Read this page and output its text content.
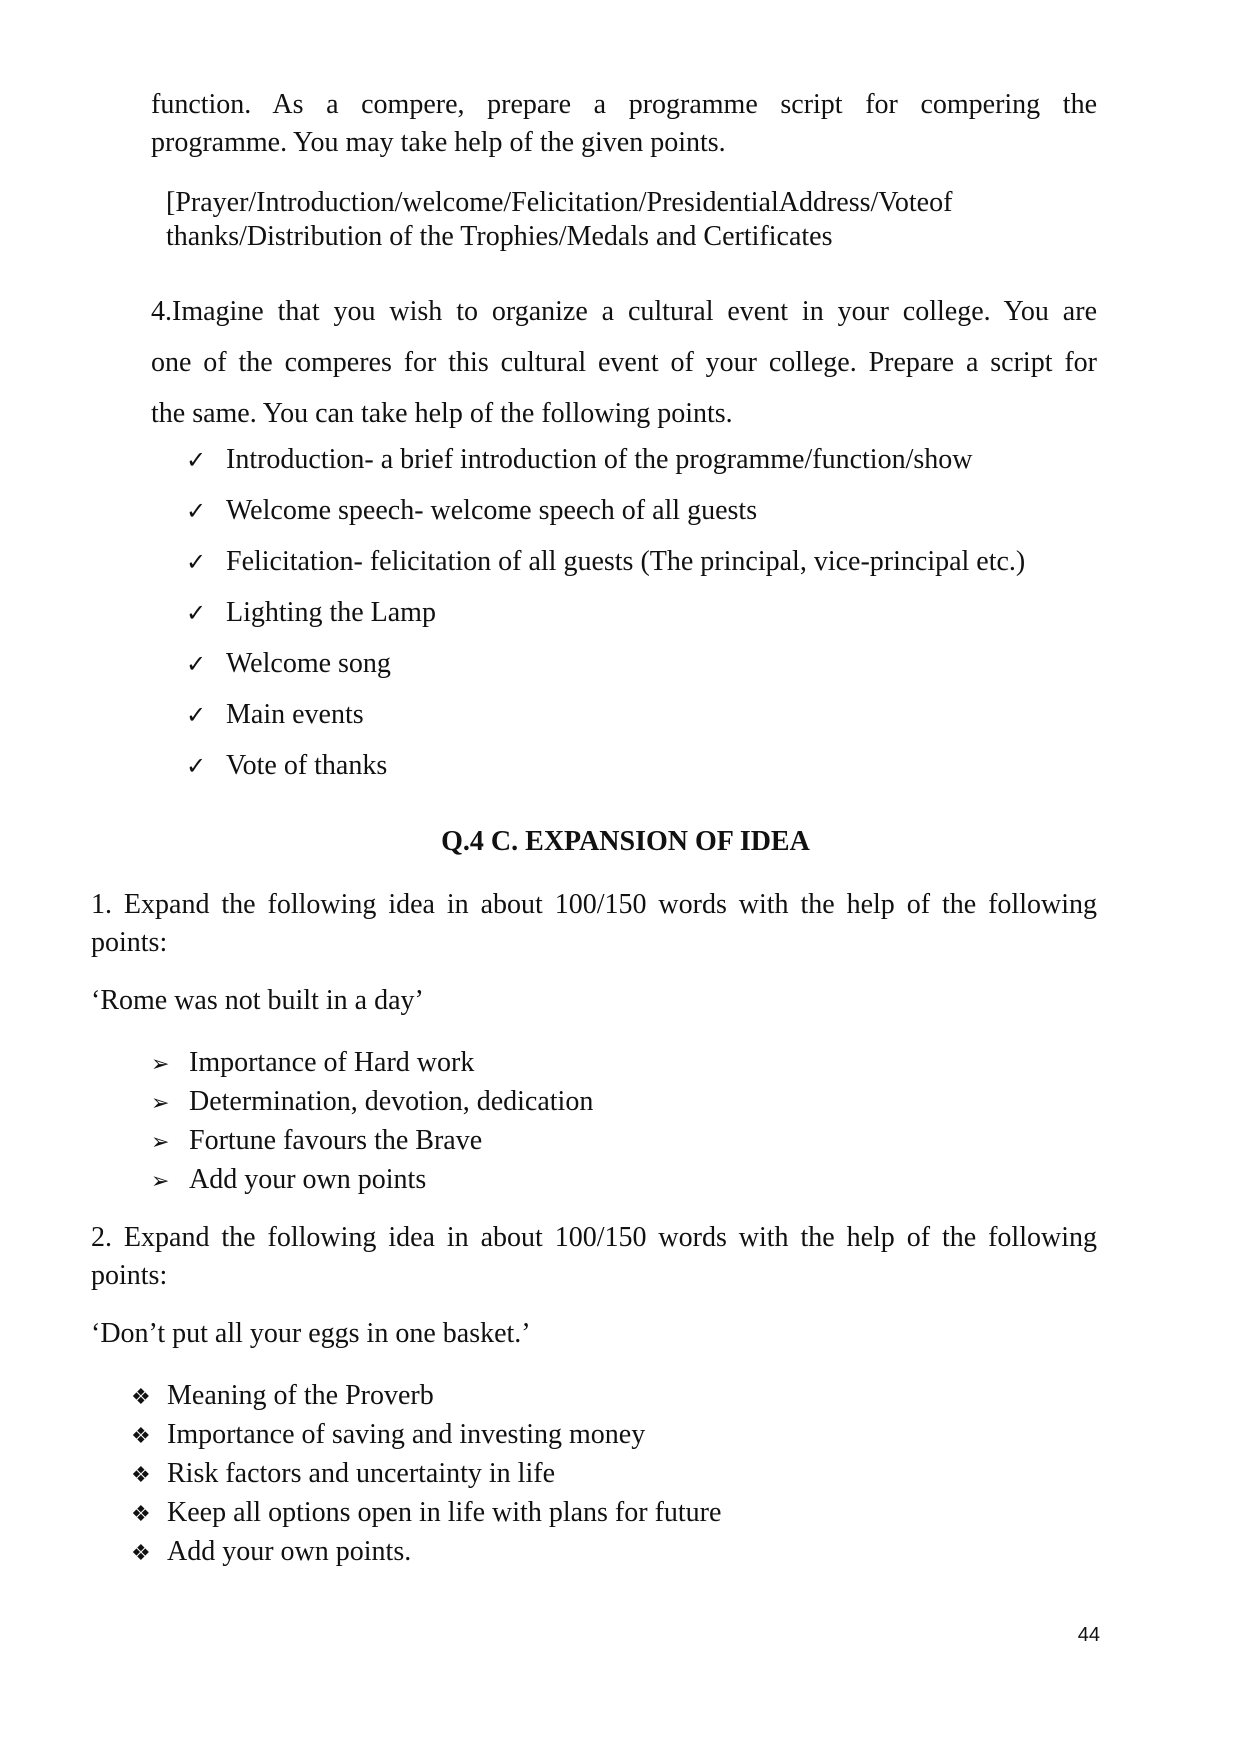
function. As a compere, prepare a programme script for compering the
programme. You may take help of the given points.
[Prayer/Introduction/welcome/Felicitation/PresidentialAddress/Voteof
thanks/Distribution of the Trophies/Medals and Certificates
4.Imagine that you wish to organize a cultural event in your college. You are
one of the comperes for this cultural event of your college. Prepare a script for
the same. You can take help of the following points.
✓ Introduction- a brief introduction of the programme/function/show
✓ Welcome speech- welcome speech of all guests
✓ Felicitation- felicitation of all guests (The principal, vice-principal etc.)
✓ Lighting the Lamp
✓ Welcome song
✓ Main events
✓ Vote of thanks
Q.4 C. EXPANSION OF IDEA
1. Expand the following idea in about 100/150 words with the help of the following
points:
‘Rome was not built in a day’
➢ Importance of Hard work
➢ Determination, devotion, dedication
➢ Fortune favours the Brave
➢ Add your own points
2. Expand the following idea in about 100/150 words with the help of the following
points:
‘Don’t put all your eggs in one basket.’
❖ Meaning of the Proverb
❖ Importance of saving and investing money
❖ Risk factors and uncertainty in life
❖ Keep all options open in life with plans for future
❖ Add your own points.
44
